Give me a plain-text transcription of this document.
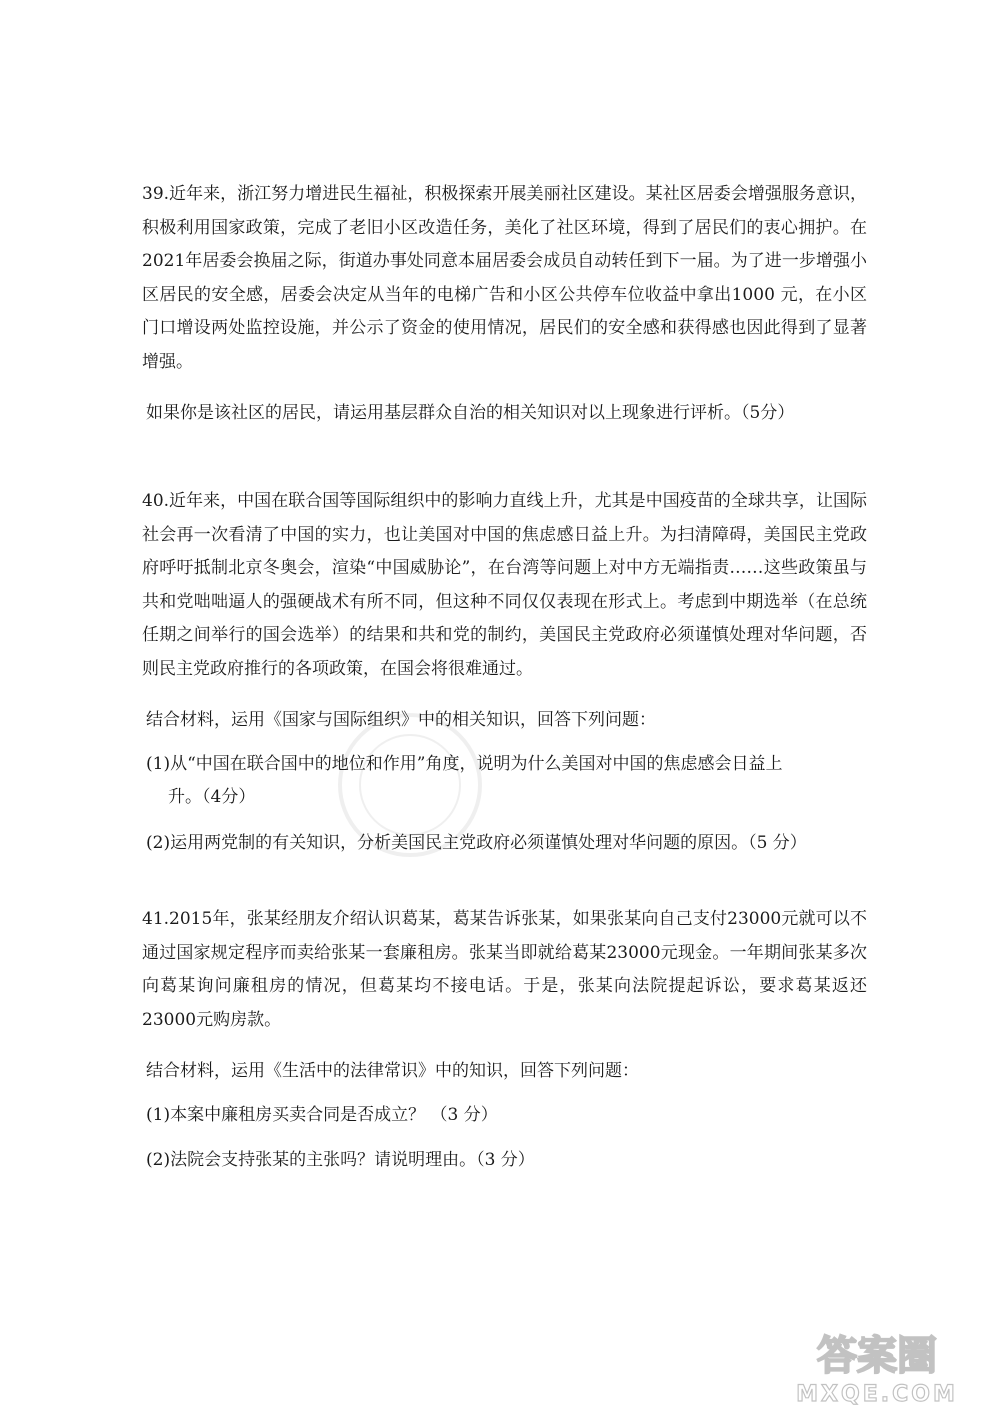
39.近年来，浙江努力增进民生福祉，积极探索开展美丽社区建设。某社区居委会增强服务意识，积极利用国家政策，完成了老旧小区改造任务，美化了社区环境，得到了居民们的衷心拥护。在2021年居委会换届之际，街道办事处同意本届居委会成员自动转任到下一届。为了进一步增强小区居民的安全感，居委会决定从当年的电梯广告和小区公共停车位收益中拿出1000 元，在小区门口增设两处监控设施，并公示了资金的使用情况，居民们的安全感和获得感也因此得到了显著增强。

如果你是该社区的居民，请运用基层群众自治的相关知识对以上现象进行评析。（5分）

40.近年来，中国在联合国等国际组织中的影响力直线上升，尤其是中国疫苗的全球共享，让国际社会再一次看清了中国的实力，也让美国对中国的焦虑感日益上升。为扫清障碍，美国民主党政府呼吁抵制北京冬奥会，渲染“中国威胁论”，在台湾等问题上对中方无端指责……这些政策虽与共和党咄咄逼人的强硬战术有所不同，但这种不同仅仅表现在形式上。考虑到中期选举（在总统任期之间举行的国会选举）的结果和共和党的制约，美国民主党政府必须谨慎处理对华问题，否则民主党政府推行的各项政策，在国会将很难通过。

结合材料，运用《国家与国际组织》中的相关知识，回答下列问题：

(1)从“中国在联合国中的地位和作用”角度，说明为什么美国对中国的焦虑感会日益上

升。（4分）

(2)运用两党制的有关知识，分析美国民主党政府必须谨慎处理对华问题的原因。（5 分）

41.2015年，张某经朋友介绍认识葛某，葛某告诉张某，如果张某向自己支付23000元就可以不通过国家规定程序而卖给张某一套廉租房。张某当即就给葛某23000元现金。一年期间张某多次向葛某询问廉租房的情况，但葛某均不接电话。于是，张某向法院提起诉讼，要求葛某返还23000元购房款。

结合材料，运用《生活中的法律常识》中的知识，回答下列问题：

(1)本案中廉租房买卖合同是否成立？ （3 分）

(2)法院会支持张某的主张吗？请说明理由。（3 分）

答案圈
MXQE.COM
